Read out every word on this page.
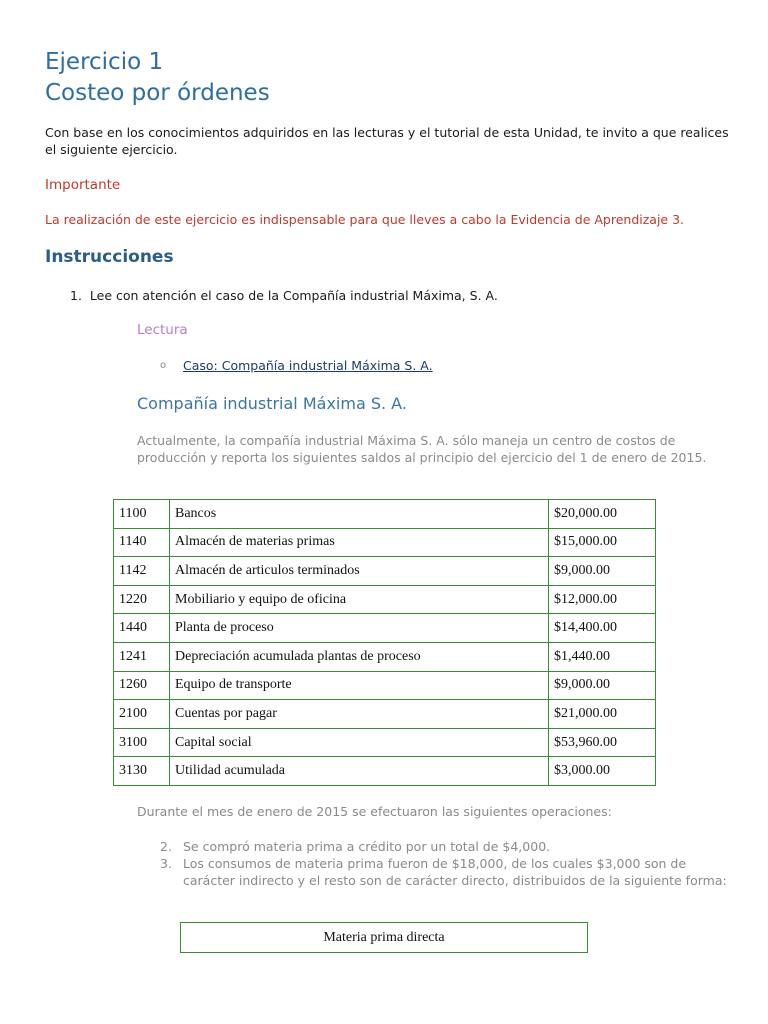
Ejercicio 1
Costeo por órdenes
Con base en los conocimientos adquiridos en las lecturas y el tutorial de esta Unidad, te invito a que realices el siguiente ejercicio.
Importante
La realización de este ejercicio es indispensable para que lleves a cabo la Evidencia de Aprendizaje 3.
Instrucciones
1. Lee con atención el caso de la Compañía industrial Máxima, S. A.
Lectura
o Caso: Compañía industrial Máxima S. A.
Compañía industrial Máxima S. A.
Actualmente, la compañía industrial Máxima S. A. sólo maneja un centro de costos de producción y reporta los siguientes saldos al principio del ejercicio del 1 de enero de 2015.
1100	Bancos	$20,000.00
1140	Almacén de materias primas	$15,000.00
1142	Almacén de articulos terminados	$9,000.00
1220	Mobiliario y equipo de oficina	$12,000.00
1440	Planta de proceso	$14,400.00
1241	Depreciación acumulada plantas de proceso	$1,440.00
1260	Equipo de transporte	$9,000.00
2100	Cuentas por pagar	$21,000.00
3100	Capital social	$53,960.00
3130	Utilidad acumulada	$3,000.00
Durante el mes de enero de 2015 se efectuaron las siguientes operaciones:
2. Se compró materia prima a crédito por un total de $4,000.
3. Los consumos de materia prima fueron de $18,000, de los cuales $3,000 son de carácter indirecto y el resto son de carácter directo, distribuidos de la siguiente forma:
Materia prima directa
